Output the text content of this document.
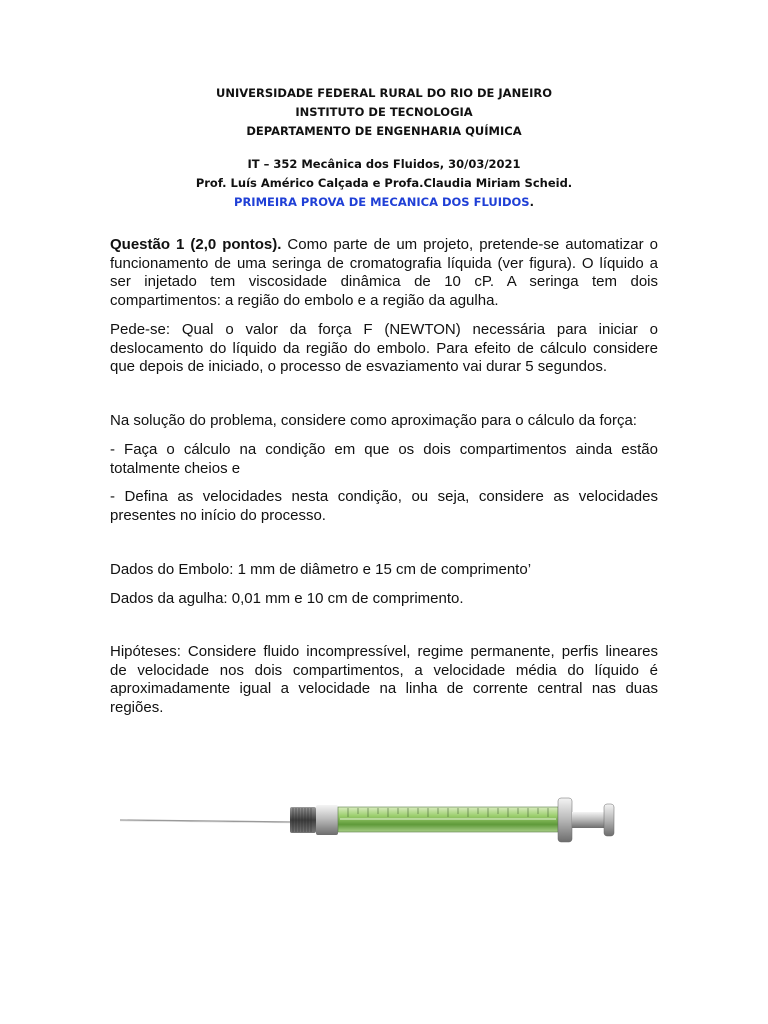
UNIVERSIDADE FEDERAL RURAL DO RIO DE JANEIRO
INSTITUTO DE TECNOLOGIA
DEPARTAMENTO DE ENGENHARIA QUÍMICA
IT – 352 Mecânica dos Fluidos, 30/03/2021
Prof. Luís Américo Calçada e Profa.Claudia Miriam Scheid.
PRIMEIRA PROVA DE MECANICA DOS FLUIDOS.

Questão 1 (2,0 pontos). Como parte de um projeto, pretende-se automatizar o funcionamento de uma seringa de cromatografia líquida (ver figura). O líquido a ser injetado tem viscosidade dinâmica de 10 cP. A seringa tem dois compartimentos: a região do embolo e a região da agulha.

Pede-se: Qual o valor da força F (NEWTON) necessária para iniciar o deslocamento do líquido da região do embolo. Para efeito de cálculo considere que depois de iniciado, o processo de esvaziamento vai durar 5 segundos.

Na solução do problema, considere como aproximação para o cálculo da força:

- Faça o cálculo na condição em que os dois compartimentos ainda estão totalmente cheios e

- Defina as velocidades nesta condição, ou seja, considere as velocidades presentes no início do processo.

Dados do Embolo: 1 mm de diâmetro e 15 cm de comprimento’

Dados da agulha: 0,01 mm e 10 cm de comprimento.

Hipóteses: Considere fluido incompressível, regime permanente, perfis lineares de velocidade nos dois compartimentos, a velocidade média do líquido é aproximadamente igual a velocidade na linha de corrente central nas duas regiões.
